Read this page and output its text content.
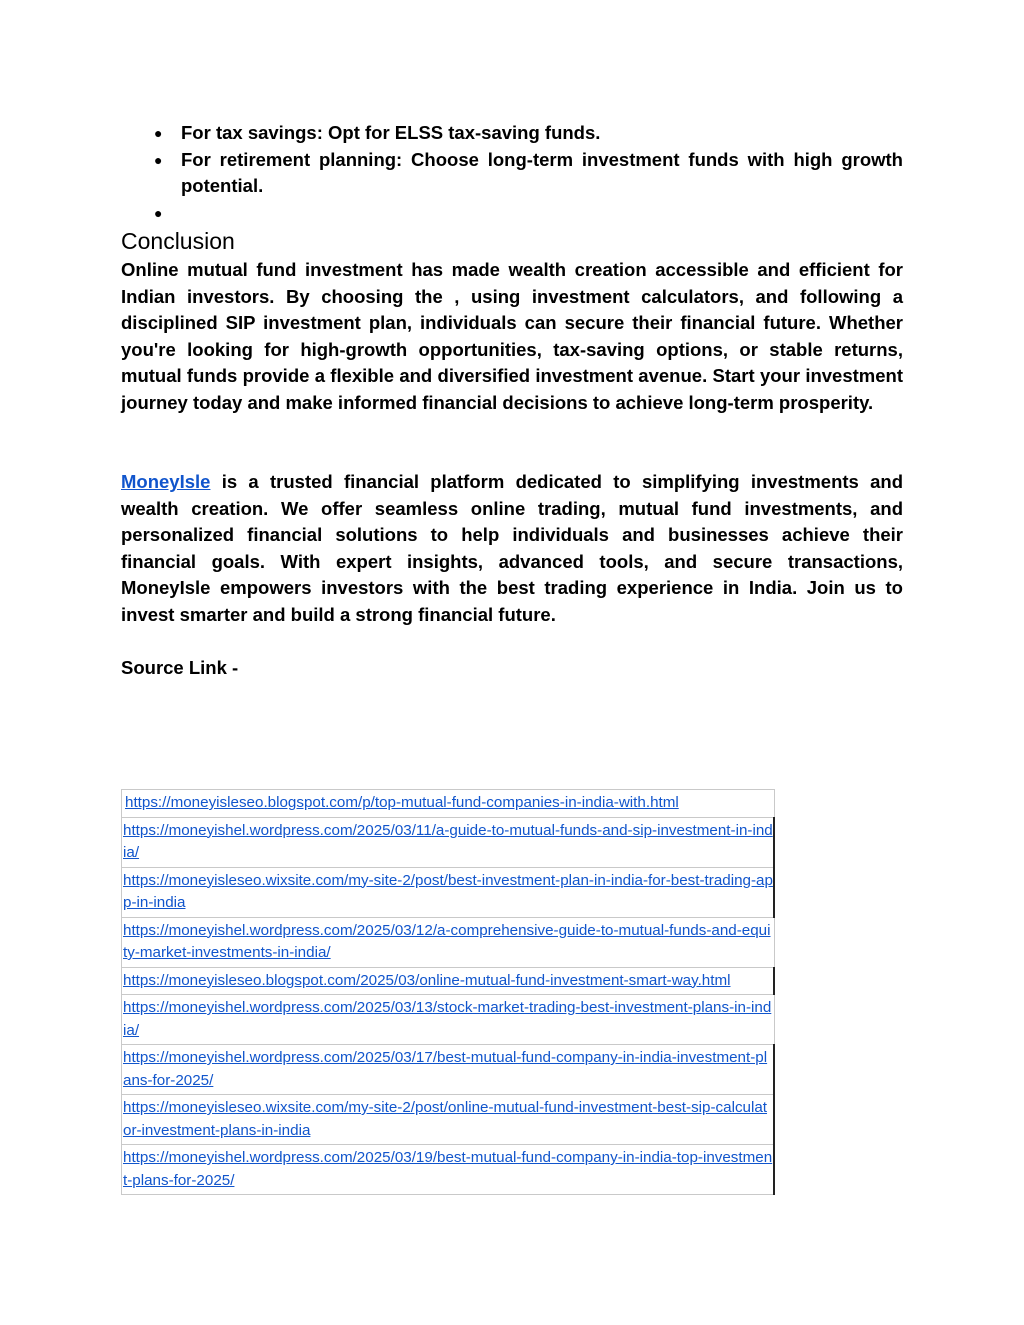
● For tax savings: Opt for ELSS tax-saving funds.
● For retirement planning: Choose long-term investment funds with high growth potential.
●
Conclusion

Online mutual fund investment has made wealth creation accessible and efficient for Indian investors. By choosing the , using investment calculators, and following a disciplined SIP investment plan, individuals can secure their financial future. Whether you're looking for high-growth opportunities, tax-saving options, or stable returns, mutual funds provide a flexible and diversified investment avenue. Start your investment journey today and make informed financial decisions to achieve long-term prosperity.

MoneyIsle is a trusted financial platform dedicated to simplifying investments and wealth creation. We offer seamless online trading, mutual fund investments, and personalized financial solutions to help individuals and businesses achieve their financial goals. With expert insights, advanced tools, and secure transactions, MoneyIsle empowers investors with the best trading experience in India. Join us to invest smarter and build a strong financial future.

Source Link -

https://moneyisleseo.blogspot.com/p/top-mutual-fund-companies-in-india-with.html
https://moneyishel.wordpress.com/2025/03/11/a-guide-to-mutual-funds-and-sip-investment-in-india/
https://moneyisleseo.wixsite.com/my-site-2/post/best-investment-plan-in-india-for-best-trading-app-in-india
https://moneyishel.wordpress.com/2025/03/12/a-comprehensive-guide-to-mutual-funds-and-equity-market-investments-in-india/
https://moneyisleseo.blogspot.com/2025/03/online-mutual-fund-investment-smart-way.html
https://moneyishel.wordpress.com/2025/03/13/stock-market-trading-best-investment-plans-in-india/
https://moneyishel.wordpress.com/2025/03/17/best-mutual-fund-company-in-india-investment-plans-for-2025/
https://moneyisleseo.wixsite.com/my-site-2/post/online-mutual-fund-investment-best-sip-calculator-investment-plans-in-india
https://moneyishel.wordpress.com/2025/03/19/best-mutual-fund-company-in-india-top-investment-plans-for-2025/
